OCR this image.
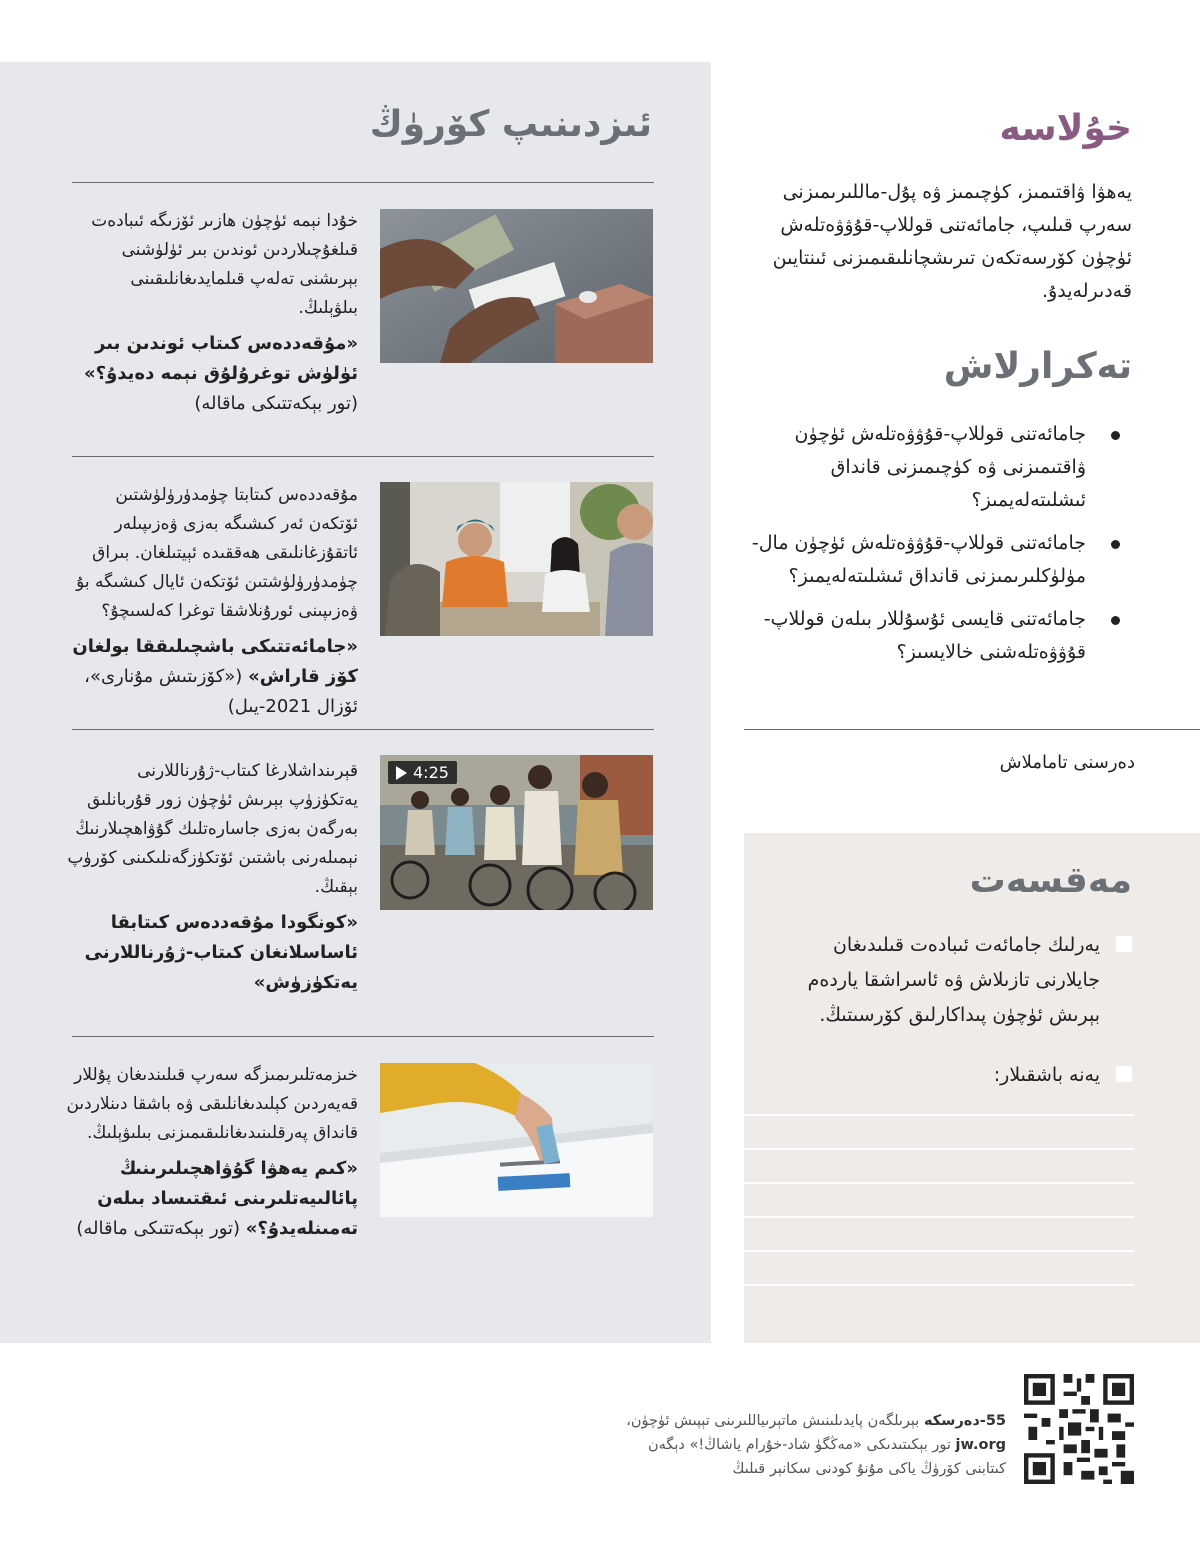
ئىزدىنىپ كۆرۈڭ

خۇدا نېمە ئۈچۈن ھازىر ئۆزىگە ئىبادەت قىلغۇچىلاردىن ئوندىن بىر ئۈلۈشنى بېرىشنى تەلەپ قىلمايدىغانلىقىنى بىلۋېلىڭ.

«مۇقەددەس كىتاب ئوندىن بىر ئۈلۈش توغرۇلۇق نېمە دەيدۇ؟» (تور بېكەتتىكى ماقالە)

مۇقەددەس كىتابتا چۈمدۈرۈلۈشتىن ئۆتكەن ئەر كىشىگە بەزى ۋەزىپىلەر ئاتقۇزغانلىقى ھەققىدە ئېيتىلغان. بىراق چۈمدۈرۈلۈشتىن ئۆتكەن ئايال كىشىگە بۇ ۋەزىپىنى ئورۇنلاشقا توغرا كەلسىچۇ؟

«جامائەتتىكى باشچىلىققا بولغان كۆز قاراش» («كۆزىتىش مۇنارى»، ئۆزال 2021-يىل)

4:25

قېرىنداشلارغا كىتاب-ژۇرناللارنى يەتكۈزۈپ بېرىش ئۈچۈن زور قۇربانلىق بەرگەن بەزى جاسارەتلىك گۇۋاھچىلارنىڭ نېمىلەرنى باشتىن ئۆتكۈزگەنلىكىنى كۆرۈپ بېقىڭ.

«كونگودا مۇقەددەس كىتابقا ئاساسلانغان كىتاب-ژۇرناللارنى يەتكۈزۈش»

خىزمەتلىرىمىزگە سەرپ قىلىندىغان پۇللار قەيەردىن كېلىدىغانلىقى ۋە باشقا دىنلاردىن قانداق پەرقلىنىدىغانلىقىمىزنى بىلىۋېلىڭ.

«كىم يەھۋا گۇۋاھچىلىرىنىڭ پائالىيەتلىرىنى ئىقتىساد بىلەن تەمىنلەيدۇ؟» (تور بېكەتتىكى ماقالە)

خۇلاسە
يەھۋا ۋاقتىمىز، كۈچىمىز ۋە پۇل-ماللىرىمىزنى سەرپ قىلىپ، جامائەتنى قوللاپ-قۇۋۋەتلەش ئۈچۈن كۆرسەتكەن تىرىشچانلىقىمىزنى ئىنتايىن قەدىرلەيدۇ.
تەكرارلاش
جامائەتنى قوللاپ-قۇۋۋەتلەش ئۈچۈن ۋاقتىمىزنى ۋە كۈچىمىزنى قانداق ئىشلىتەلەيمىز؟
جامائەتنى قوللاپ-قۇۋۋەتلەش ئۈچۈن مال-مۈلۈكلىرىمىزنى قانداق ئىشلىتەلەيمىز؟
جامائەتنى قايسى ئۇسۇللار بىلەن قوللاپ-قۇۋۋەتلەشنى خالايسىز؟
دەرسنى تاماملاش
مەقسەت
يەرلىك جامائەت ئىبادەت قىلىدىغان جايلارنى تازىلاش ۋە ئاسراشقا ياردەم بېرىش ئۈچۈن پىداكارلىق كۆرسىتىڭ.
يەنە باشقىلار:
55-دەرسكە بېرىلگەن پايدىلىنىش ماتېرىياللىرىنى تېپىش ئۈچۈن،
jw.org تور بېكىتىدىكى «مەڭگۈ شاد-خۇرام ياشاڭ!» دېگەن
كىتابنى كۆرۈڭ ياكى مۇنۇ كودنى سكانېر قىلىڭ
